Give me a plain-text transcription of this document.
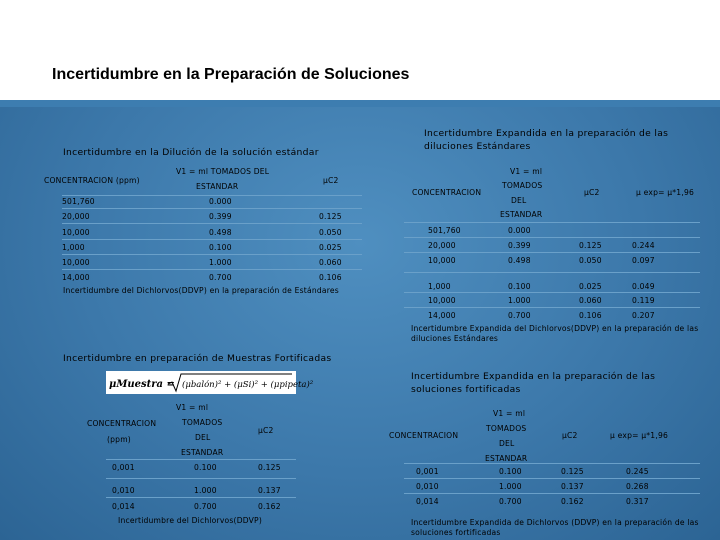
Incertidumbre en la Preparación de Soluciones
Incertidumbre en la Dilución de la solución estándar
CONCENTRACION (ppm)
V1 = ml TOMADOS DEL
ESTANDAR
μC2
501,760	0.000
20,000	0.399	0.125
10,000	0.498	0.050
1,000	0.100	0.025
10,000	1.000	0.060
14,000	0.700	0.106
Incertidumbre del Dichlorvos(DDVP) en la preparación de Estándares
Incertidumbre Expandida en la preparación de las diluciones Estándares
V1 = ml
CONCENTRACION
TOMADOS
DEL
ESTANDAR
μC2	μ exp= μ*1,96
501,760	0.000
20,000	0.399	0.125	0.244
10,000	0.498	0.050	0.097
1,000	0.100	0.025	0.049
10,000	1.000	0.060	0.119
14,000	0.700	0.106	0.207
Incertidumbre Expandida del Dichlorvos(DDVP) en la preparación de las diluciones Estándares
Incertidumbre en preparación de Muestras Fortificadas
μMuestra = (μbalón)² + (μSi)² + (μpipeta)²
V1 = ml
CONCENTRACION
(ppm)
TOMADOS
DEL
ESTANDAR
μC2
0,001	0.100	0.125
0,010	1.000	0.137
0,014	0.700	0.162
Incertidumbre del Dichlorvos(DDVP)
Incertidumbre Expandida en la preparación de las soluciones fortificadas
V1 = ml
CONCENTRACION
TOMADOS
DEL
ESTANDAR
μC2	μ exp= μ*1,96
0,001	0.100	0.125	0.245
0,010	1.000	0.137	0.268
0,014	0.700	0.162	0.317
Incertidumbre Expandida de Dichlorvos (DDVP) en la preparación de las soluciones fortificadas
